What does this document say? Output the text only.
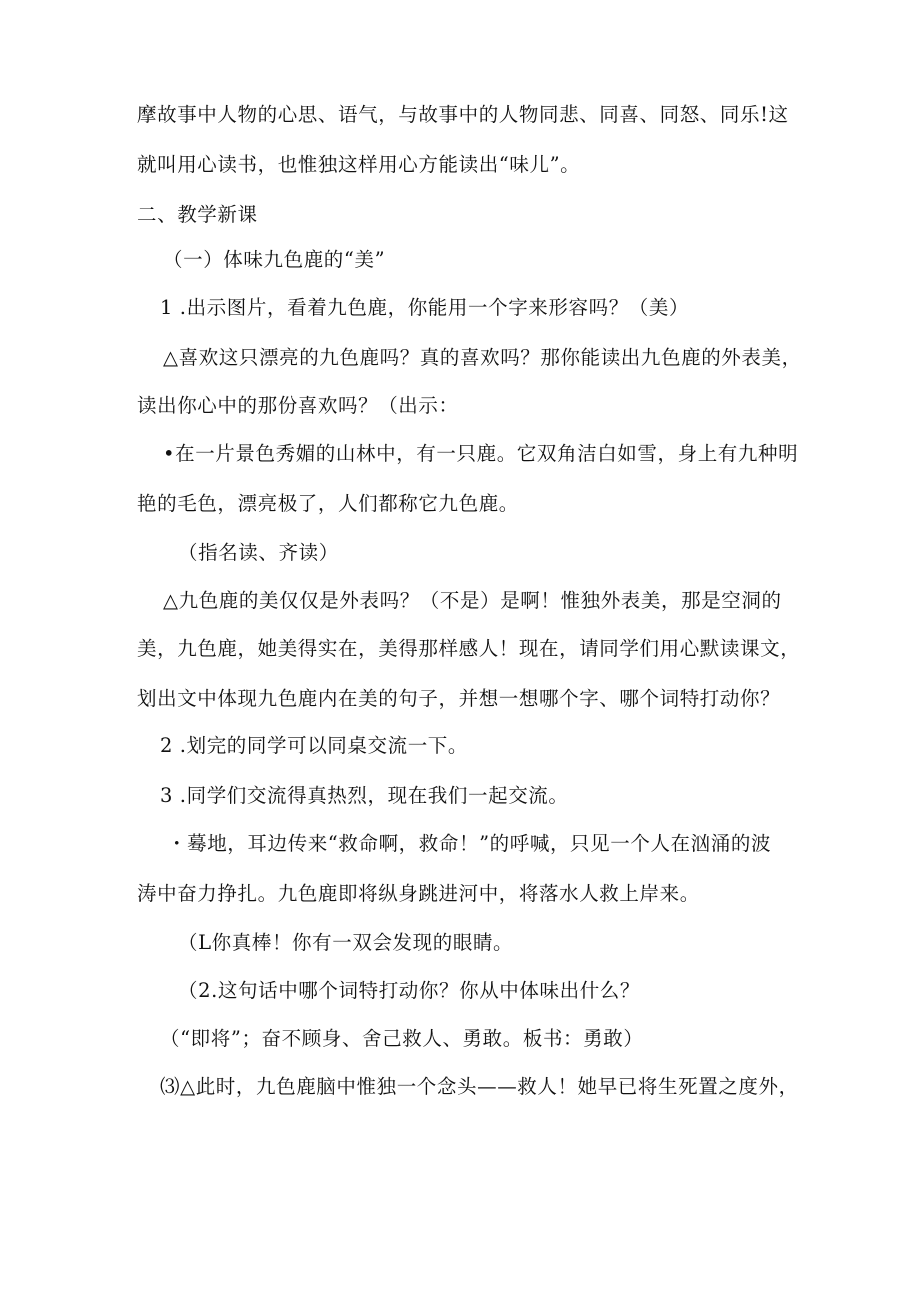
摩故事中人物的心思、语气，与故事中的人物同悲、同喜、同怒、同乐!这

就叫用心读书，也惟独这样用心方能读出“味儿”。

二、教学新课

（一）体味九色鹿的“美”

1 .出示图片，看着九色鹿，你能用一个字来形容吗？（美）

△喜欢这只漂亮的九色鹿吗？真的喜欢吗？那你能读出九色鹿的外表美，

读出你心中的那份喜欢吗？（出示：

•在一片景色秀媚的山林中，有一只鹿。它双角洁白如雪，身上有九种明

艳的毛色，漂亮极了，人们都称它九色鹿。

（指名读、齐读）

△九色鹿的美仅仅是外表吗？（不是）是啊！惟独外表美，那是空洞的

美，九色鹿，她美得实在，美得那样感人！现在，请同学们用心默读课文，

划出文中体现九色鹿内在美的句子，并想一想哪个字、哪个词特打动你？

2 .划完的同学可以同桌交流一下。

3 .同学们交流得真热烈，现在我们一起交流。

・蓦地，耳边传来“救命啊，救命！”的呼喊，只见一个人在汹涌的波

涛中奋力挣扎。九色鹿即将纵身跳进河中，将落水人救上岸来。

（L你真棒！你有一双会发现的眼睛。

（2.这句话中哪个词特打动你？你从中体味出什么？

（“即将”；奋不顾身、舍己救人、勇敢。板书：勇敢）

⑶△此时，九色鹿脑中惟独一个念头——救人！她早已将生死置之度外，
